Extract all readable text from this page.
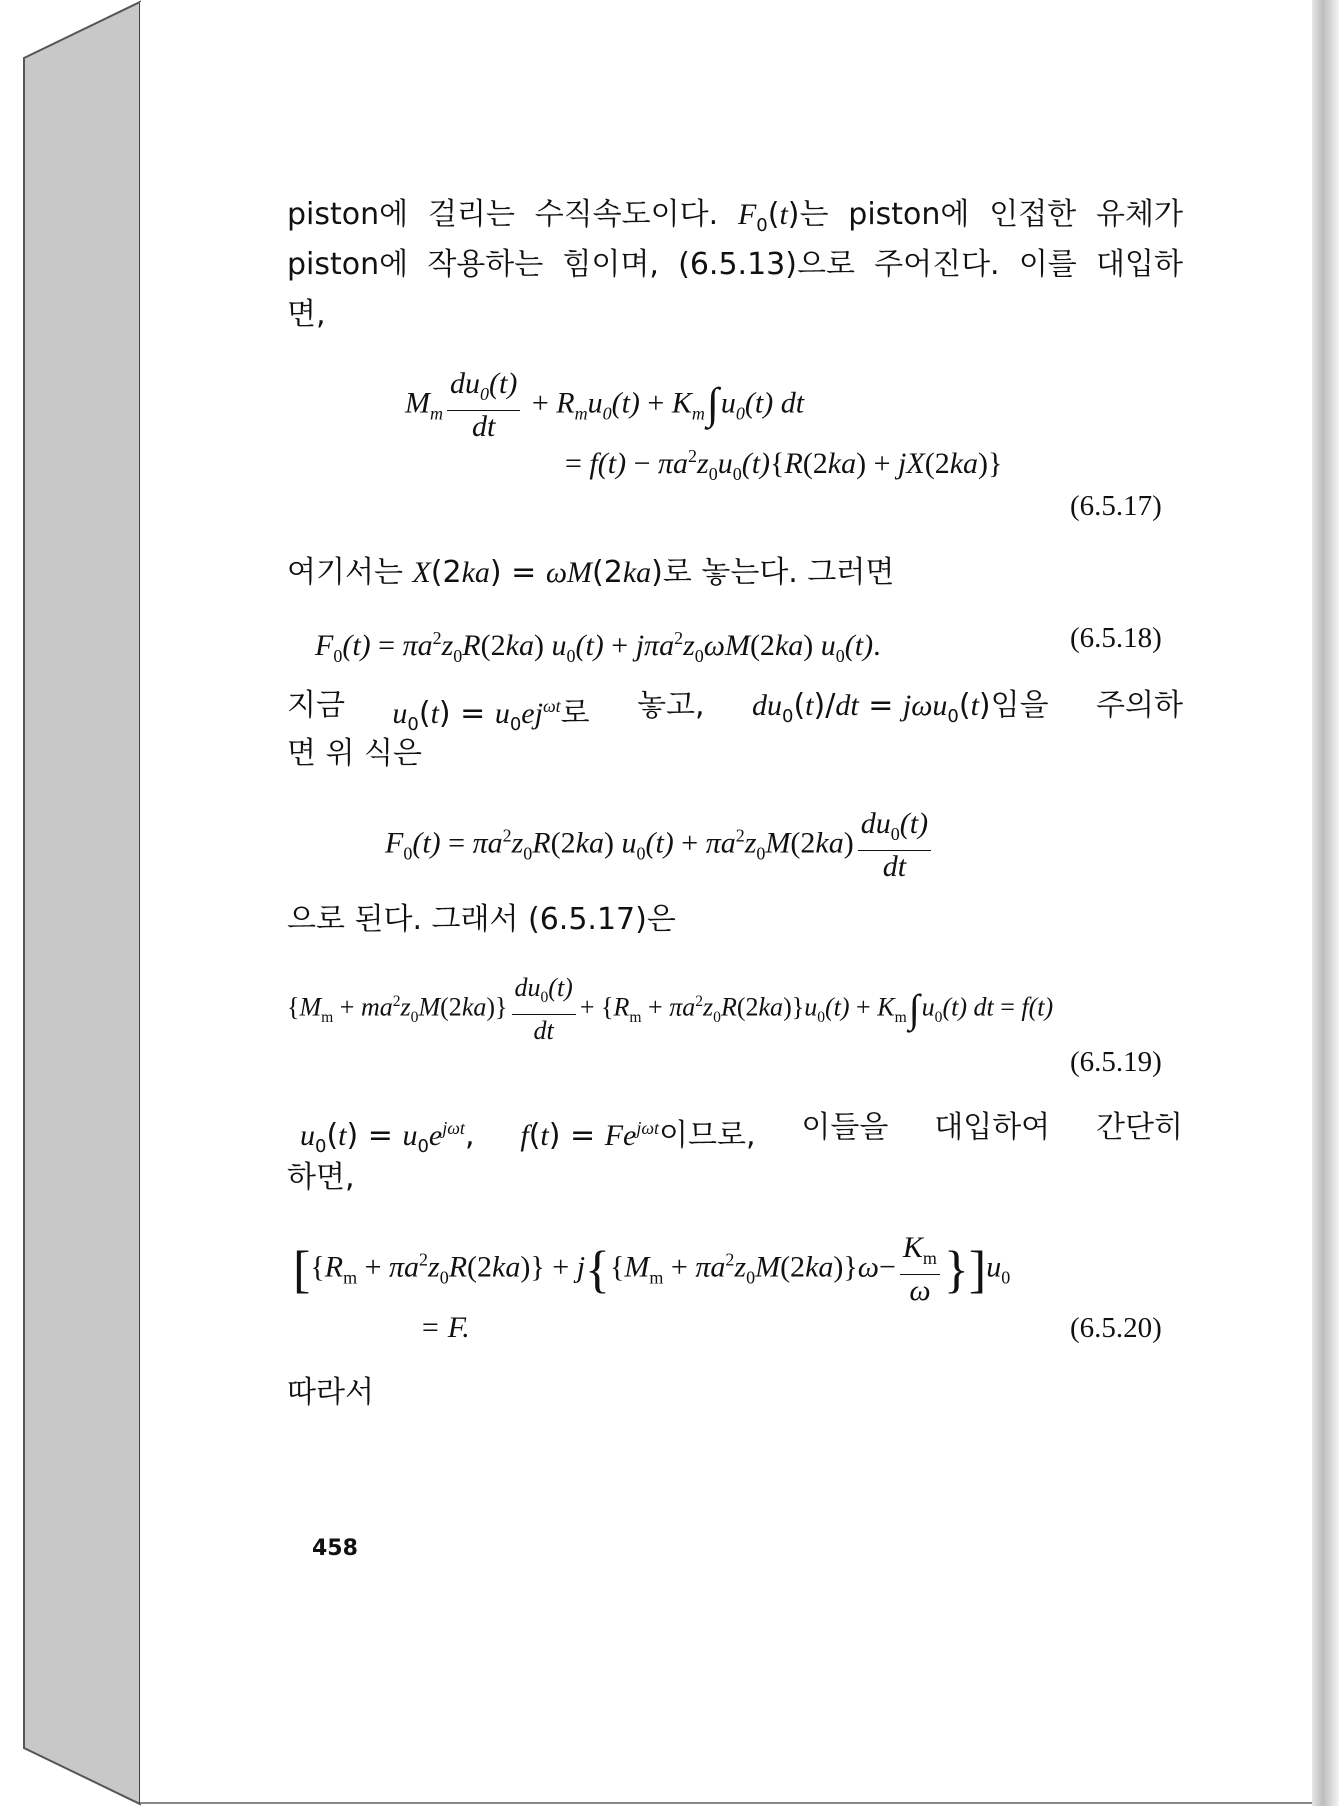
piston에 걸리는 수직속도이다. $F_0(t)$는 piston에 인접한 유체가
piston에 작용하는 힘이며, (6.5.13)으로 주어진다. 이를 대입하
면,
$M_m \frac{du_0(t)}{dt} + R_mu_0(t) + K_m\int u_0(t)$ dt
= $f(t) - \pi a^2z_0u_0(t)\{R(2ka) + jX(2ka)\}$
(6.5.17)
여기서는 X(2ka) = ωM(2ka)로 놓는다. 그러면
$F_0(t) = \pi a^2z_0R(2ka) u_0(t) + j\pi a^2z_0\omega M(2ka)$ $u_0(t)$.	(6.5.18)
지금 $u_0(t) = u_0ej^{\omega t}$로 놓고, $du_0(t)/dt = j\omega u_0(t)$임을 주의하
면 위 식은
$F_0(t) = \pi a^2z_0R(2ka) u_0(t) + \pi a^2z_0M(2ka) \frac{du_0(t)}{dt}$
으로 된다. 그래서 (6.5.17)은
$\{M_m + ma^2z_0M(2ka)\} \frac{du_0(t)}{dt} + \{R_m + \pi a^2z_0R(2ka)\}u_0(t) + K_m\int u_0(t)$ dt = f(t)
(6.5.19)
$u_0(t) = u_0e^{j\omega t}$, $f(t) = Fe^{j\omega t}$이므로, 이들을 대입하여 간단히
하면,
$[\{R_m + \pi a^2z_0R(2ka)\} + j\{\{M_m + \pi a^2z_0M(2ka)\}\omega- \frac{K_m}{\omega} \}]u_0$
= F.	(6.5.20)
따라서
458
